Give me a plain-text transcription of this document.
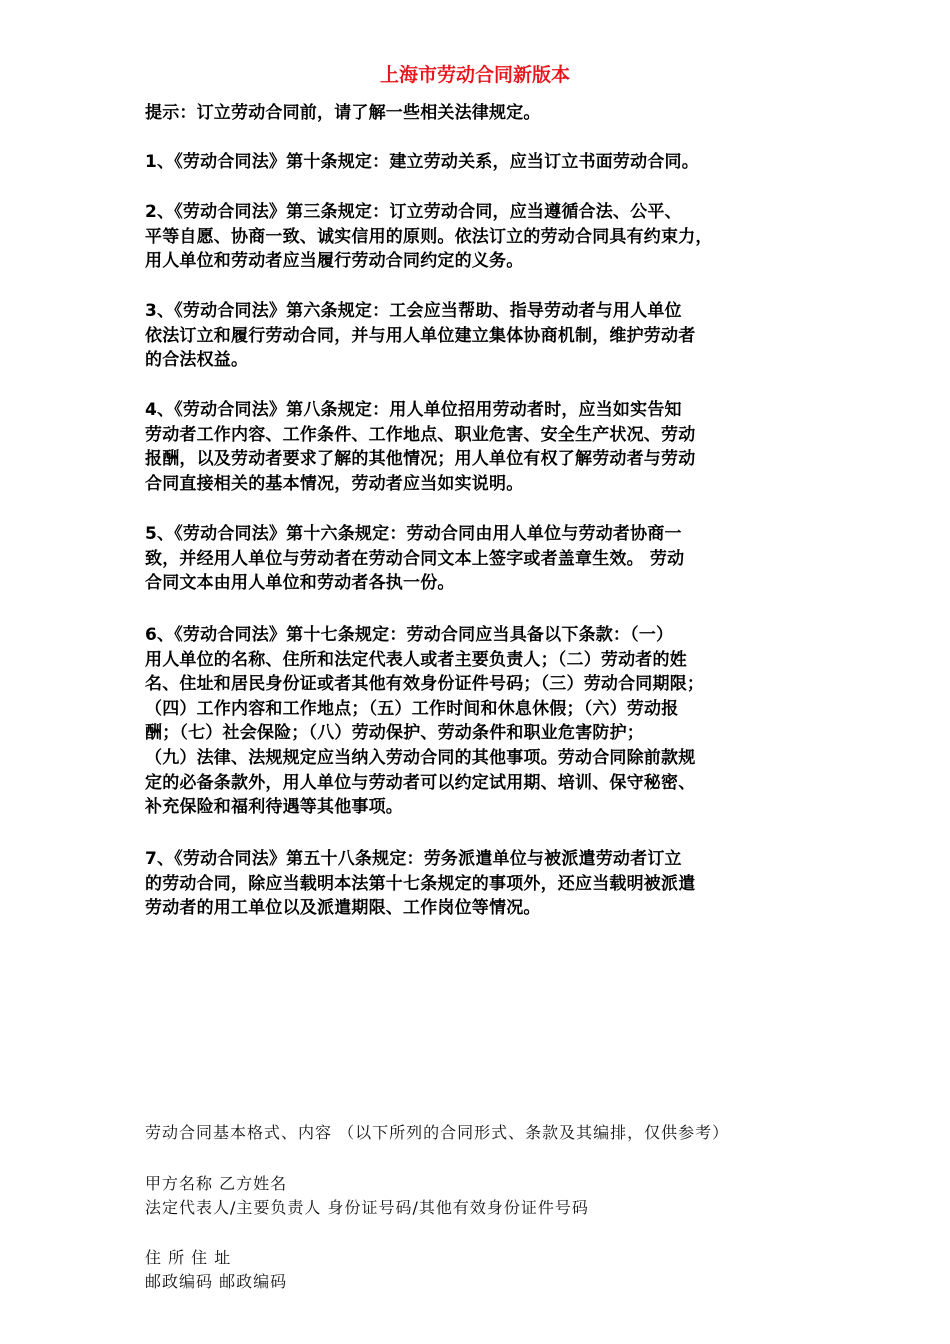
上海市劳动合同新版本

提示：订立劳动合同前，请了解一些相关法律规定。

1、《劳动合同法》第十条规定：建立劳动关系，应当订立书面劳动合同。

2、《劳动合同法》第三条规定：订立劳动合同，应当遵循合法、公平、

平等自愿、协商一致、诚实信用的原则。依法订立的劳动合同具有约束力，

用人单位和劳动者应当履行劳动合同约定的义务。

3、《劳动合同法》第六条规定：工会应当帮助、指导劳动者与用人单位

依法订立和履行劳动合同，并与用人单位建立集体协商机制，维护劳动者

的合法权益。

4、《劳动合同法》第八条规定：用人单位招用劳动者时，应当如实告知

劳动者工作内容、工作条件、工作地点、职业危害、安全生产状况、劳动

报酬，以及劳动者要求了解的其他情况；用人单位有权了解劳动者与劳动

合同直接相关的基本情况，劳动者应当如实说明。

5、《劳动合同法》第十六条规定：劳动合同由用人单位与劳动者协商一

致，并经用人单位与劳动者在劳动合同文本上签字或者盖章生效。 劳动

合同文本由用人单位和劳动者各执一份。

6、《劳动合同法》第十七条规定：劳动合同应当具备以下条款：（一）

用人单位的名称、住所和法定代表人或者主要负责人；（二）劳动者的姓

名、住址和居民身份证或者其他有效身份证件号码；（三）劳动合同期限；

（四）工作内容和工作地点；（五）工作时间和休息休假；（六）劳动报

酬；（七）社会保险；（八）劳动保护、劳动条件和职业危害防护；

（九）法律、法规规定应当纳入劳动合同的其他事项。劳动合同除前款规

定的必备条款外，用人单位与劳动者可以约定试用期、培训、保守秘密、

补充保险和福利待遇等其他事项。

7、《劳动合同法》第五十八条规定：劳务派遣单位与被派遣劳动者订立

的劳动合同，除应当载明本法第十七条规定的事项外，还应当载明被派遣

劳动者的用工单位以及派遣期限、工作岗位等情况。

劳动合同基本格式、内容 （以下所列的合同形式、条款及其编排，仅供参考）
甲方名称 乙方姓名
法定代表人/主要负责人 身份证号码/其他有效身份证件号码
住 所 住 址
邮政编码 邮政编码
